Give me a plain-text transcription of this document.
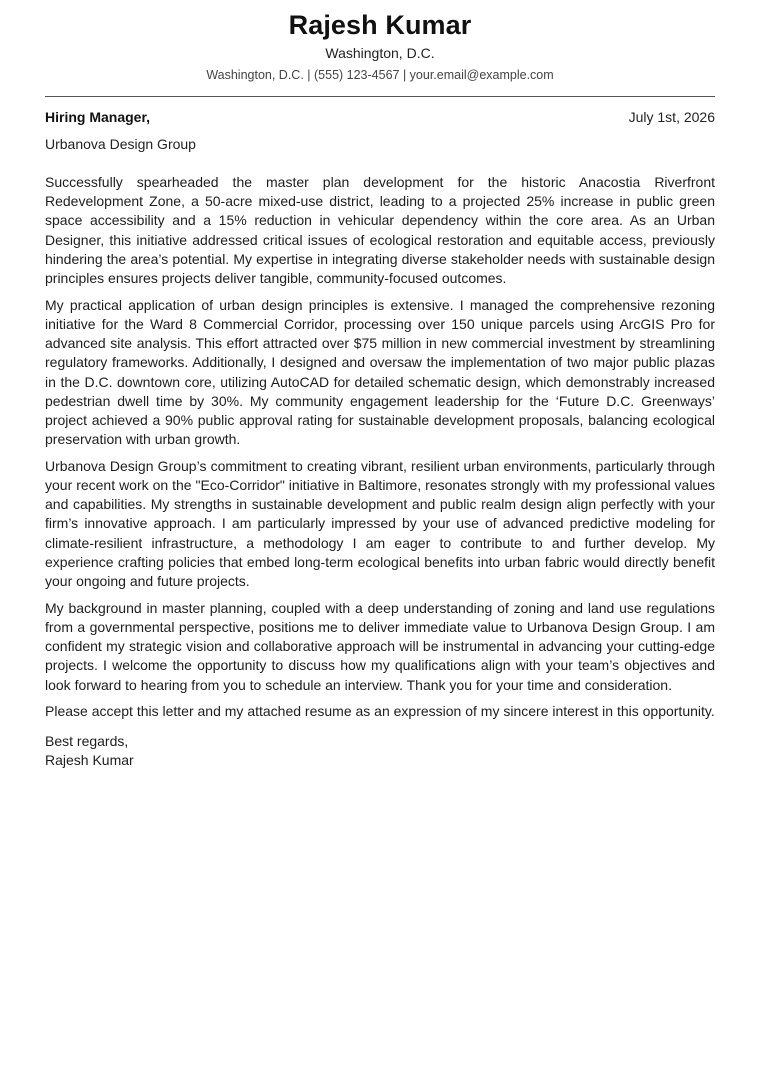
Rajesh Kumar
Washington, D.C.
Washington, D.C. | (555) 123-4567 | your.email@example.com
Hiring Manager,	July 1st, 2026
Urbanova Design Group

Successfully spearheaded the master plan development for the historic Anacostia Riverfront Redevelopment Zone, a 50-acre mixed-use district, leading to a projected 25% increase in public green space accessibility and a 15% reduction in vehicular dependency within the core area. As an Urban Designer, this initiative addressed critical issues of ecological restoration and equitable access, previously hindering the area’s potential. My expertise in integrating diverse stakeholder needs with sustainable design principles ensures projects deliver tangible, community-focused outcomes.

My practical application of urban design principles is extensive. I managed the comprehensive rezoning initiative for the Ward 8 Commercial Corridor, processing over 150 unique parcels using ArcGIS Pro for advanced site analysis. This effort attracted over $75 million in new commercial investment by streamlining regulatory frameworks. Additionally, I designed and oversaw the implementation of two major public plazas in the D.C. downtown core, utilizing AutoCAD for detailed schematic design, which demonstrably increased pedestrian dwell time by 30%. My community engagement leadership for the ‘Future D.C. Greenways’ project achieved a 90% public approval rating for sustainable development proposals, balancing ecological preservation with urban growth.

Urbanova Design Group’s commitment to creating vibrant, resilient urban environments, particularly through your recent work on the "Eco-Corridor" initiative in Baltimore, resonates strongly with my professional values and capabilities. My strengths in sustainable development and public realm design align perfectly with your firm’s innovative approach. I am particularly impressed by your use of advanced predictive modeling for climate-resilient infrastructure, a methodology I am eager to contribute to and further develop. My experience crafting policies that embed long-term ecological benefits into urban fabric would directly benefit your ongoing and future projects.

My background in master planning, coupled with a deep understanding of zoning and land use regulations from a governmental perspective, positions me to deliver immediate value to Urbanova Design Group. I am confident my strategic vision and collaborative approach will be instrumental in advancing your cutting-edge projects. I welcome the opportunity to discuss how my qualifications align with your team’s objectives and look forward to hearing from you to schedule an interview. Thank you for your time and consideration.

Please accept this letter and my attached resume as an expression of my sincere interest in this opportunity.

Best regards,
Rajesh Kumar
